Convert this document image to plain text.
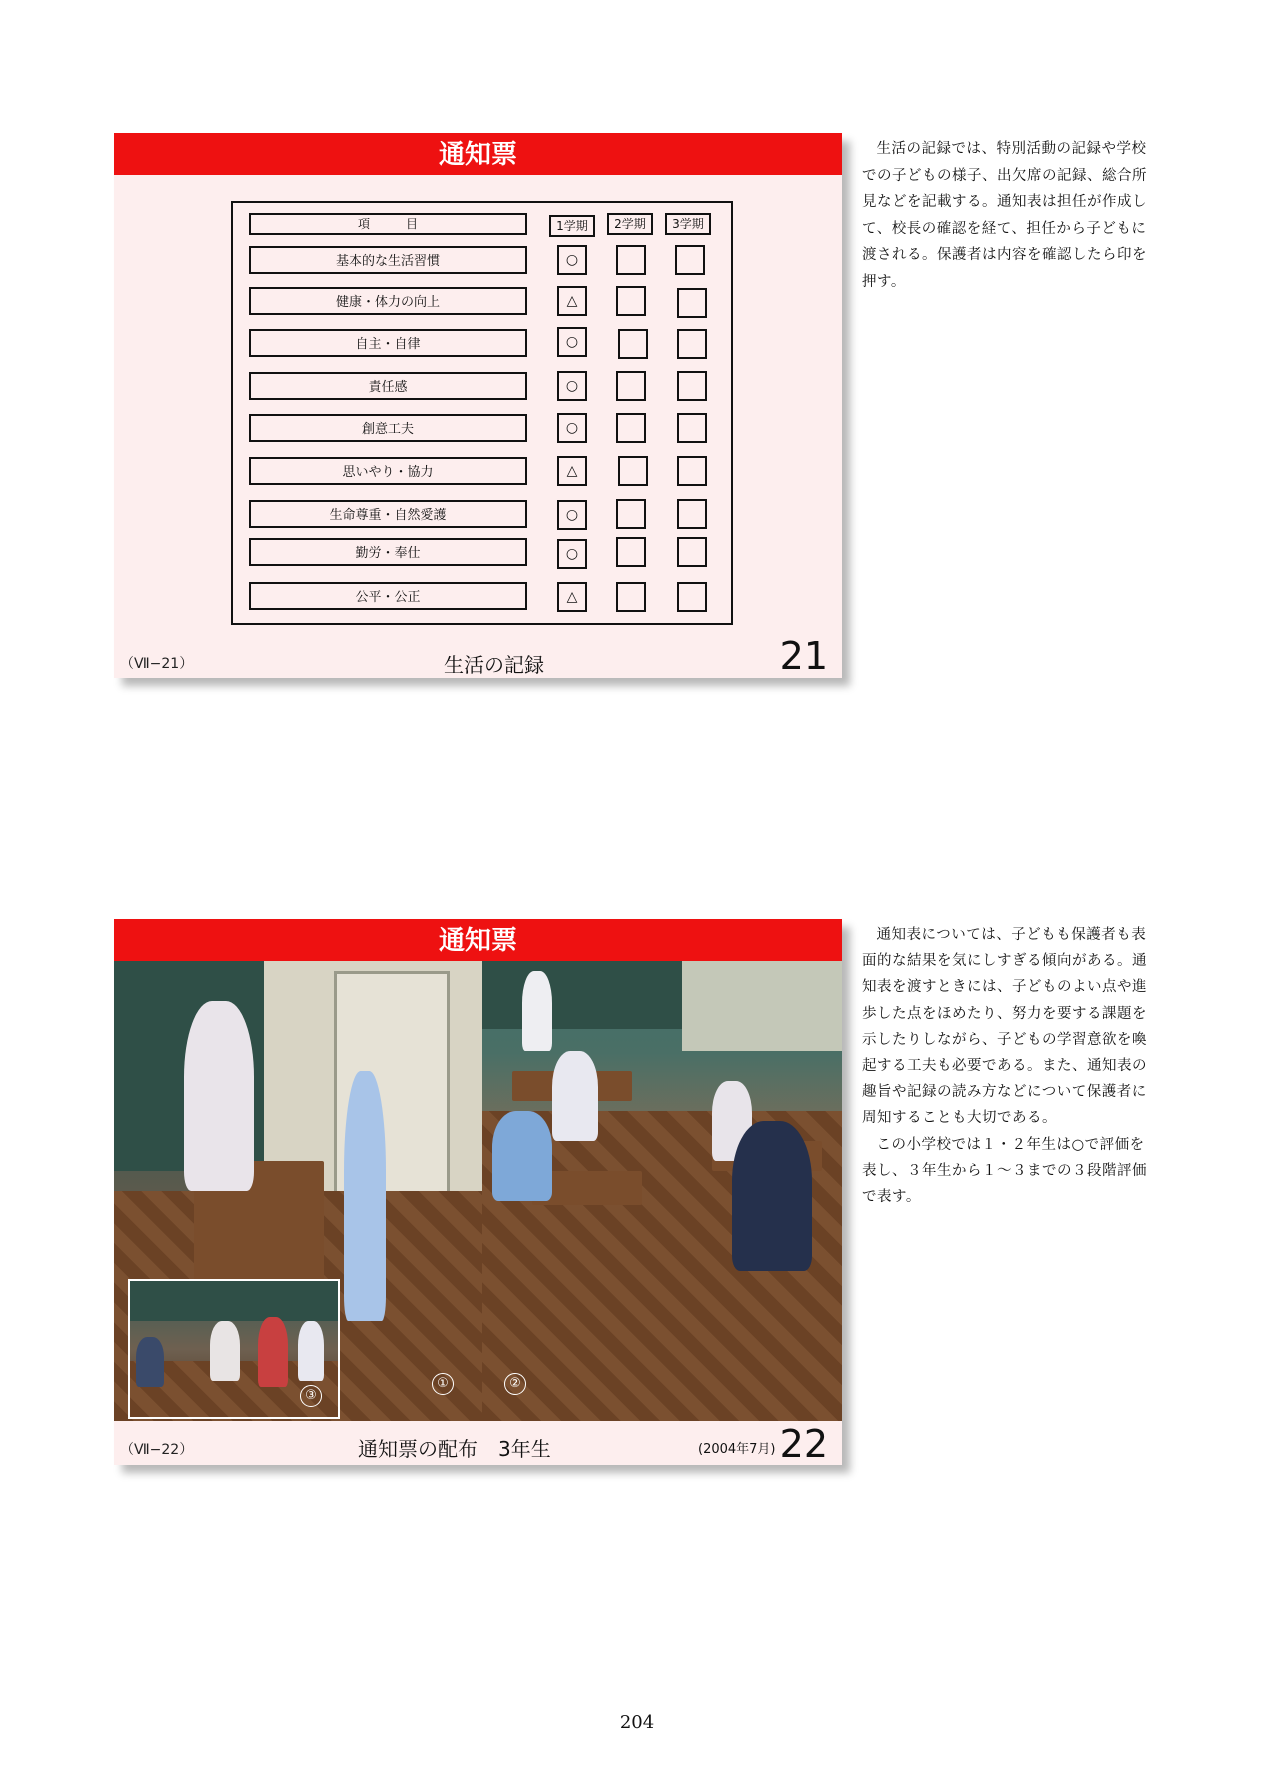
通知票
項　　　目	1学期	2学期	3学期
基本的な生活習慣	○
健康・体力の向上	△
自主・自律	○
責任感	○
創意工夫	○
思いやり・協力	△
生命尊重・自然愛護	○
勤労・奉仕	○
公平・公正	△
（Ⅶ−21）	生活の記録	21

生活の記録では、特別活動の記録や学校での子どもの様子、出欠席の記録、総合所見などを記載する。通知表は担任が作成して、校長の確認を経て、担任から子どもに渡される。保護者は内容を確認したら印を押す。

通知票
①	②
③
（Ⅶ−22）	通知票の配布　3年生	(2004年7月) 22

通知表については、子どもも保護者も表面的な結果を気にしすぎる傾向がある。通知表を渡すときには、子どものよい点や進歩した点をほめたり、努力を要する課題を示したりしながら、子どもの学習意欲を喚起する工夫も必要である。また、通知表の趣旨や記録の読み方などについて保護者に周知することも大切である。

この小学校では１・２年生は○で評価を表し、３年生から１〜３までの３段階評価で表す。

204
